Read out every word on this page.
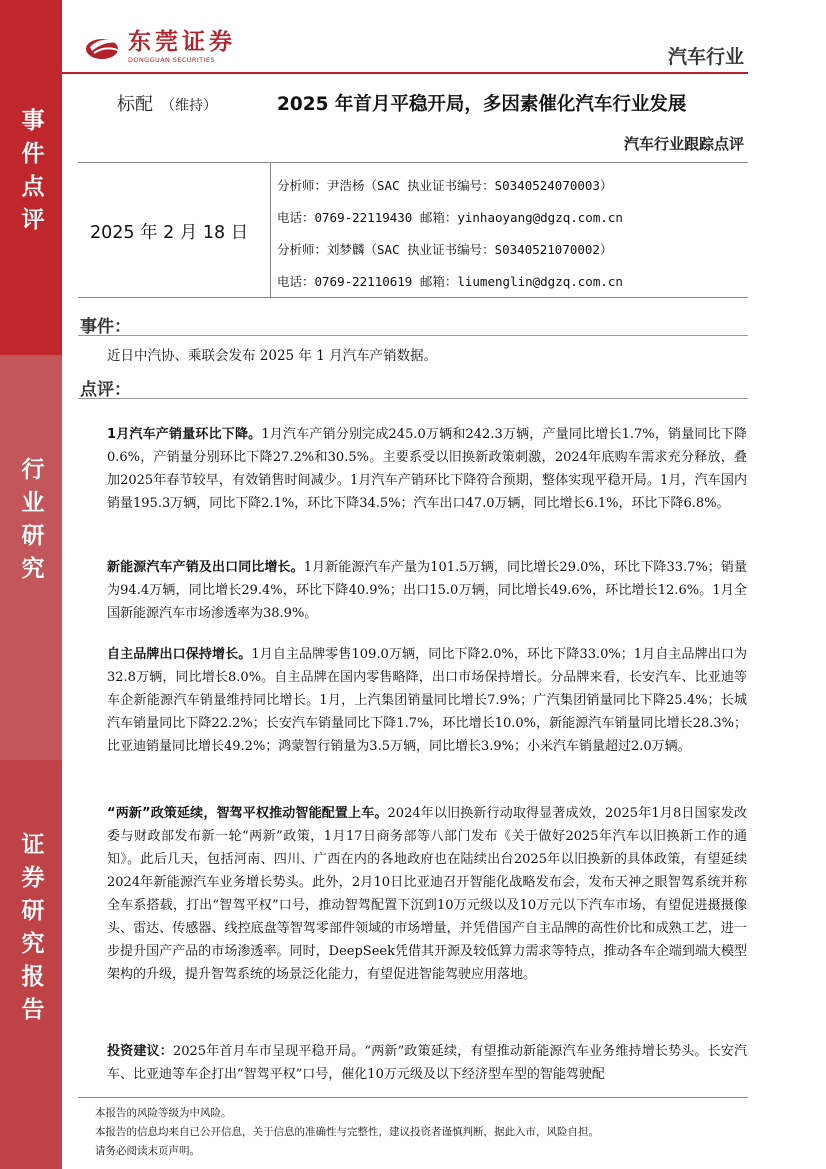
事件点评
行业研究
证券研究报告
东莞证券
DONGGUAN SECURITIES	汽车行业
标配 （维持）	2025 年首月平稳开局，多因素催化汽车行业发展
汽车行业跟踪点评
2025 年 2 月 18 日
分析师：尹浩杨（SAC 执业证书编号：S0340524070003）
电话：0769-22119430 邮箱：yinhaoyang@dgzq.com.cn
分析师：刘梦麟（SAC 执业证书编号：S0340521070002）
电话：0769-22110619 邮箱：liumenglin@dgzq.com.cn
事件：
近日中汽协、乘联会发布 2025 年 1 月汽车产销数据。
点评：

1月汽车产销量环比下降。1月汽车产销分别完成245.0万辆和242.3万辆，产量同比增长1.7%，销量同比下降0.6%，产销量分别环比下降27.2%和30.5%。主要系受以旧换新政策刺激，2024年底购车需求充分释放，叠加2025年春节较早，有效销售时间减少。1月汽车产销环比下降符合预期，整体实现平稳开局。1月，汽车国内销量195.3万辆，同比下降2.1%，环比下降34.5%；汽车出口47.0万辆，同比增长6.1%，环比下降6.8%。

新能源汽车产销及出口同比增长。1月新能源汽车产量为101.5万辆，同比增长29.0%，环比下降33.7%；销量为94.4万辆，同比增长29.4%，环比下降40.9%；出口15.0万辆，同比增长49.6%，环比增长12.6%。1月全国新能源汽车市场渗透率为38.9%。

自主品牌出口保持增长。1月自主品牌零售109.0万辆，同比下降2.0%，环比下降33.0%；1月自主品牌出口为32.8万辆，同比增长8.0%。自主品牌在国内零售略降，出口市场保持增长。分品牌来看，长安汽车、比亚迪等车企新能源汽车销量维持同比增长。1月，上汽集团销量同比增长7.9%；广汽集团销量同比下降25.4%；长城汽车销量同比下降22.2%；长安汽车销量同比下降1.7%，环比增长10.0%，新能源汽车销量同比增长28.3%；比亚迪销量同比增长49.2%；鸿蒙智行销量为3.5万辆，同比增长3.9%；小米汽车销量超过2.0万辆。

“两新”政策延续，智驾平权推动智能配置上车。2024年以旧换新行动取得显著成效，2025年1月8日国家发改委与财政部发布新一轮“两新”政策，1月17日商务部等八部门发布《关于做好2025年汽车以旧换新工作的通知》。此后几天，包括河南、四川、广西在内的各地政府也在陆续出台2025年以旧换新的具体政策，有望延续2024年新能源汽车业务增长势头。此外，2月10日比亚迪召开智能化战略发布会，发布天神之眼智驾系统并称全车系搭载，打出“智驾平权”口号，推动智驾配置下沉到10万元级以及10万元以下汽车市场，有望促进摄摄像头、雷达、传感器、线控底盘等智驾零部件领域的市场增量，并凭借国产自主品牌的高性价比和成熟工艺，进一步提升国产产品的市场渗透率。同时，DeepSeek凭借其开源及较低算力需求等特点，推动各车企端到端大模型架构的升级，提升智驾系统的场景泛化能力，有望促进智能驾驶应用落地。

投资建议：2025年首月车市呈现平稳开局。“两新”政策延续，有望推动新能源汽车业务维持增长势头。长安汽车、比亚迪等车企打出“智驾平权”口号，催化10万元级及以下经济型车型的智能驾驶配

本报告的风险等级为中风险。
本报告的信息均来自已公开信息，关于信息的准确性与完整性，建议投资者谨慎判断，据此入市，风险自担。
请务必阅读末页声明。
